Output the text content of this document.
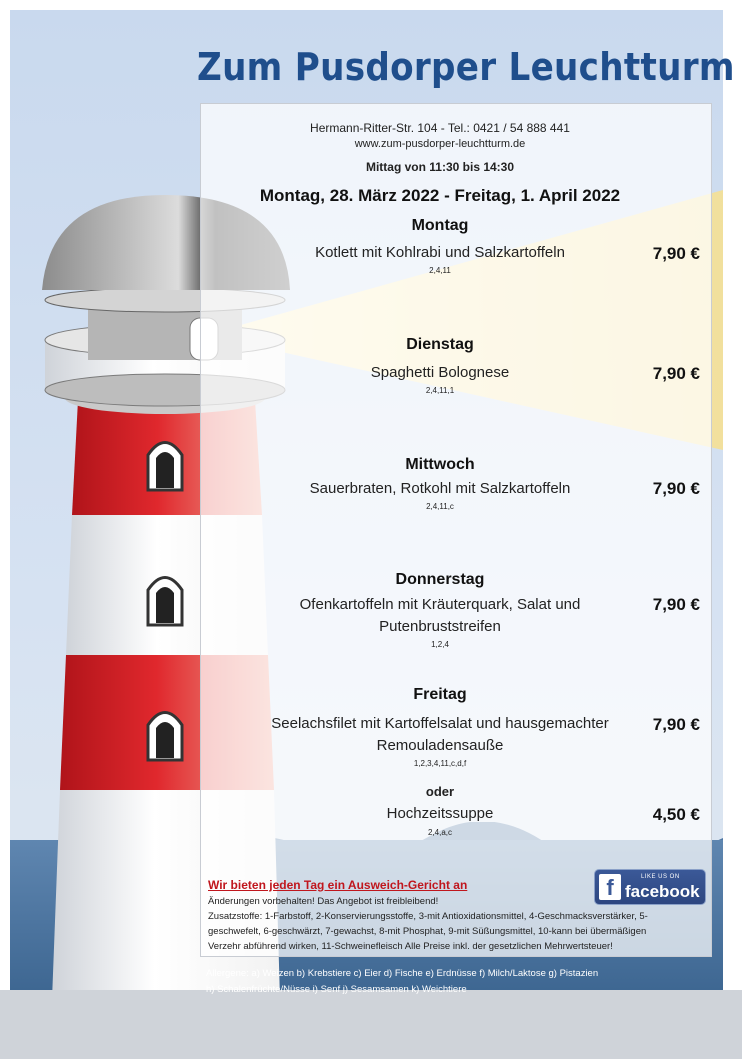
Zum Pusdorper Leuchtturm
Hermann-Ritter-Str. 104 - Tel.: 0421 / 54 888 441
www.zum-pusdorper-leuchtturm.de
Mittag von 11:30 bis 14:30
Montag, 28. März 2022 - Freitag, 1. April 2022
Montag
Kotlett mit Kohlrabi und Salzkartoffeln
2,4,11
7,90 €
Dienstag
Spaghetti Bolognese
2,4,11,1
7,90 €
Mittwoch
Sauerbraten, Rotkohl mit Salzkartoffeln
2,4,11,c
7,90 €
Donnerstag
Ofenkartoffeln mit Kräuterquark, Salat und
Putenbruststreifen
1,2,4
7,90 €
Freitag
Seelachsfilet mit Kartoffelsalat und hausgemachter
Remouladensauße
1,2,3,4,11,c,d,f
7,90 €
oder
Hochzeitssuppe
2,4,a,c
4,50 €
Wir bieten jeden Tag ein Ausweich-Gericht an
Änderungen vorbehalten! Das Angebot ist freibleibend!
Zusatzstoffe: 1-Farbstoff, 2-Konservierungsstoffe, 3-mit Antioxidationsmittel, 4-Geschmacksverstärker, 5-
geschwefelt, 6-geschwärzt, 7-gewachst, 8-mit Phosphat, 9-mit Süßungsmittel, 10-kann bei übermäßigen
Verzehr abführend wirken, 11-Schweinefleisch Alle Preise inkl. der gesetzlichen Mehrwertsteuer!
f	LIKE US ON
facebook
Allergene: a) Weizen b) Krebstiere c) Eier d) Fische e) Erdnüsse f) Milch/Laktose g) Pistazien
h) Schalenfrüchte/Nüsse i) Senf j) Sesamsamen k) Weichtiere
